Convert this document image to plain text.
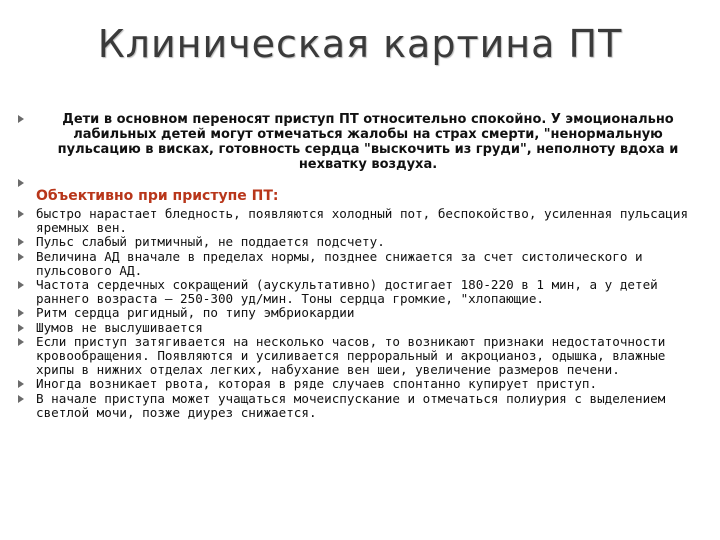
Клиническая картина ПТ
Дети в основном переносят приступ ПТ относительно спокойно. У эмоционально лабильных детей могут отмечаться жалобы на страх смерти, "ненормальную пульсацию в висках, готовность сердца "выскочить из груди", неполноту вдоха и нехватку воздуха.
Объективно при приступе ПТ:
быстро нарастает бледность, появляются холодный пот, беспокойство, усиленная пульсация яремных вен.
Пульс слабый ритмичный, не поддается подсчету.
Величина АД вначале в пределах нормы, позднее снижается за счет систолического и пульсового АД.
Частота сердечных сокращений (аускультативно) достигает 180-220 в 1 мин, а у детей раннего возраста — 250-300 уд/мин. Тоны сердца громкие, "хлопающие.
Ритм сердца ригидный, по типу эмбриокардии
Шумов не выслушивается
Если приступ затягивается на несколько часов, то возникают признаки недостаточности кровообращения. Появляются и усиливается перроральный и акроцианоз, одышка, влажные хрипы в нижних отделах легких, набухание вен шеи, увеличение размеров печени.
Иногда возникает рвота, которая в ряде случаев спонтанно купирует приступ.
В начале приступа может учащаться мочеиспускание и отмечаться полиурия с выделением светлой мочи, позже диурез снижается.
